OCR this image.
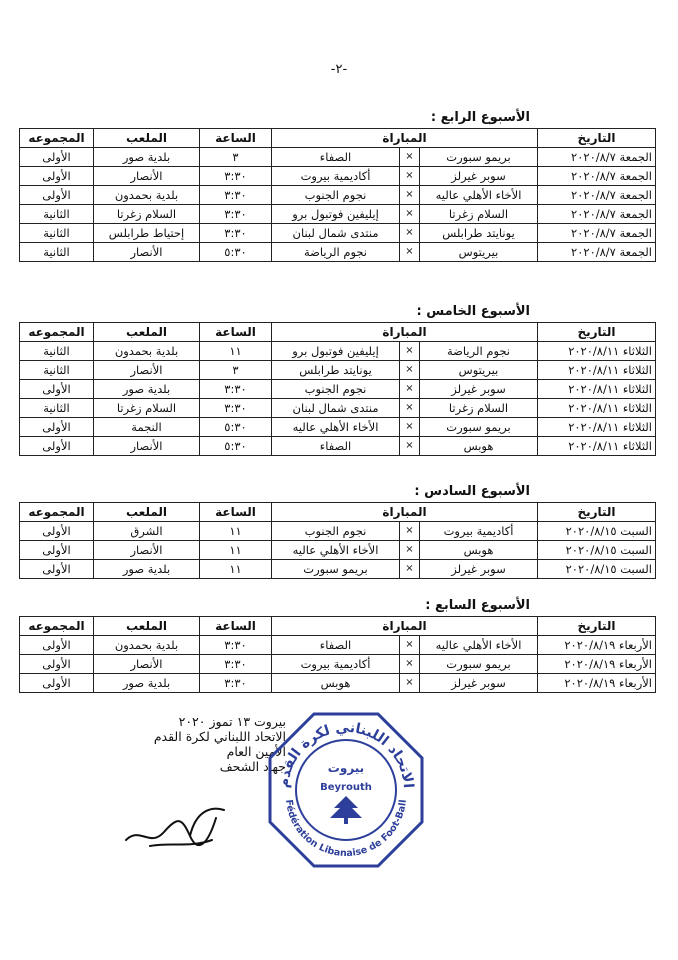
-٢-
الأسبوع الرابع :
التاريخ	المباراة			الساعة	الملعب	المجموعه
الجمعة ٢٠٢٠/٨/٧	بريمو سبورت	×	الصفاء	٣	بلدية صور	الأولى
الجمعة ٢٠٢٠/٨/٧	سوبر غيرلز	×	أكاديمية بيروت	٣:٣٠	الأنصار	الأولى
الجمعة ٢٠٢٠/٨/٧	الأخاء الأهلي عاليه	×	نجوم الجنوب	٣:٣٠	بلدية بحمدون	الأولى
الجمعة ٢٠٢٠/٨/٧	السلام زغرتا	×	إيليفين فوتبول برو	٣:٣٠	السلام زغرتا	الثانية
الجمعة ٢٠٢٠/٨/٧	يونايتد طرابلس	×	منتدى شمال لبنان	٣:٣٠	إحتياط طرابلس	الثانية
الجمعة ٢٠٢٠/٨/٧	بيريتوس	×	نجوم الرياضة	٥:٣٠	الأنصار	الثانية
الأسبوع الخامس :
التاريخ	المباراة			الساعة	الملعب	المجموعه
الثلاثاء ٢٠٢٠/٨/١١	نجوم الرياضة	×	إيليفين فوتبول برو	١١	بلدية بحمدون	الثانية
الثلاثاء ٢٠٢٠/٨/١١	بيريتوس	×	يونايتد طرابلس	٣	الأنصار	الثانية
الثلاثاء ٢٠٢٠/٨/١١	سوبر غيرلز	×	نجوم الجنوب	٣:٣٠	بلدية صور	الأولى
الثلاثاء ٢٠٢٠/٨/١١	السلام زغرتا	×	منتدى شمال لبنان	٣:٣٠	السلام زغرتا	الثانية
الثلاثاء ٢٠٢٠/٨/١١	بريمو سبورت	×	الأخاء الأهلي عاليه	٥:٣٠	النجمة	الأولى
الثلاثاء ٢٠٢٠/٨/١١	هوبس	×	الصفاء	٥:٣٠	الأنصار	الأولى
الأسبوع السادس :
التاريخ	المباراة			الساعة	الملعب	المجموعه
السبت ٢٠٢٠/٨/١٥	أكاديمية بيروت	×	نجوم الجنوب	١١	الشرق	الأولى
السبت ٢٠٢٠/٨/١٥	هوبس	×	الأخاء الأهلي عاليه	١١	الأنصار	الأولى
السبت ٢٠٢٠/٨/١٥	سوبر غيرلز	×	بريمو سبورت	١١	بلدية صور	الأولى
الأسبوع السابع :
التاريخ	المباراة			الساعة	الملعب	المجموعه
الأربعاء ٢٠٢٠/٨/١٩	الأخاء الأهلي عاليه	×	الصفاء	٣:٣٠	بلدية بحمدون	الأولى
الأربعاء ٢٠٢٠/٨/١٩	بريمو سبورت	×	أكاديمية بيروت	٣:٣٠	الأنصار	الأولى
الأربعاء ٢٠٢٠/٨/١٩	سوبر غيرلز	×	هوبس	٣:٣٠	بلدية صور	الأولى
بيروت ١٣ تموز ٢٠٢٠
الاتحاد اللبناني لكرة القدم
الأمين العام
جهاد الشحف
الاتحاد اللبناني لكرة القدم
Fédération Libanaise de Foot-Ball
بيروت
Beyrouth
